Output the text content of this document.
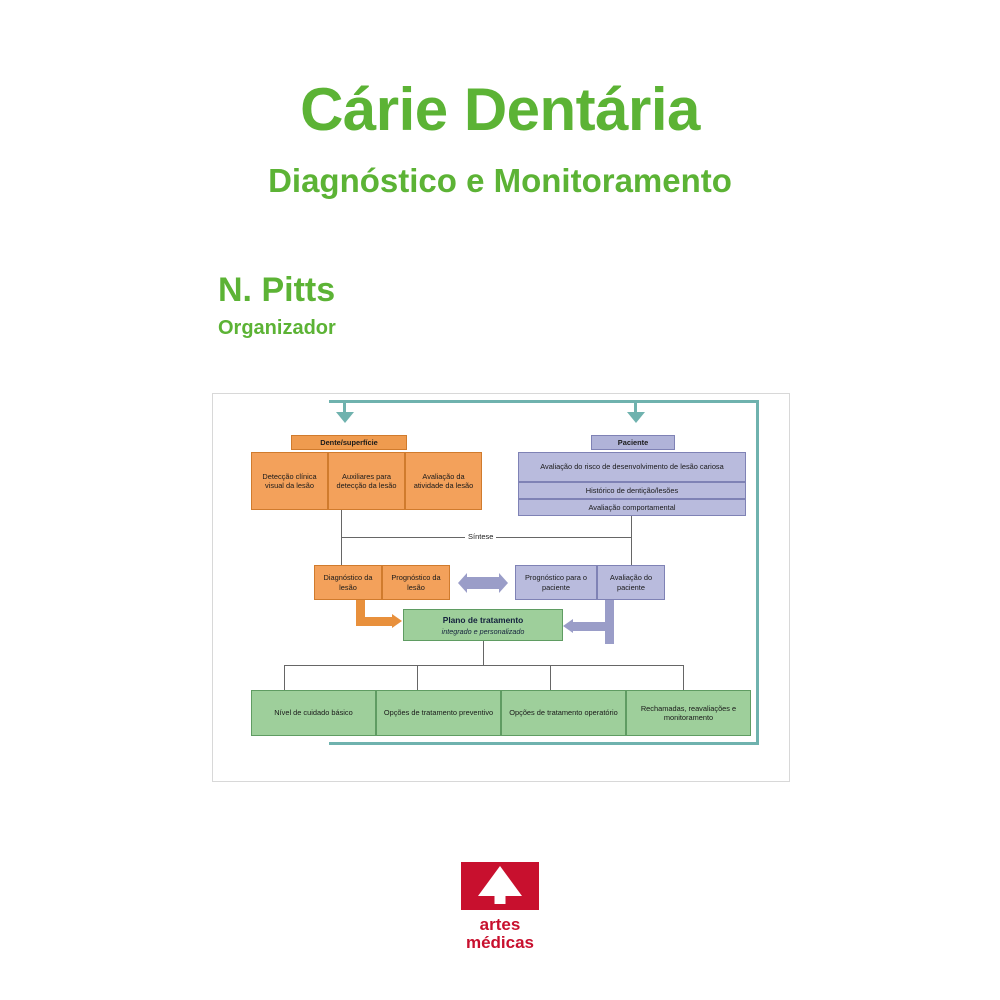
Cárie Dentária
Diagnóstico e Monitoramento
N. Pitts
Organizador
Dente/superfície
Detecção clínica visual da lesão
Auxiliares para detecção da lesão
Avaliação da atividade da lesão
Paciente
Avaliação do risco de desenvolvimento de lesão cariosa
Histórico de dentição/lesões
Avaliação comportamental
Síntese
Diagnóstico da lesão
Prognóstico da lesão
Prognóstico para o paciente
Avaliação do paciente
Plano de tratamento
integrado e personalizado
Nível de cuidado básico	Opções de tratamento preventivo	Opções de tratamento operatório
Rechamadas, reavaliações e monitoramento
artes
médicas
